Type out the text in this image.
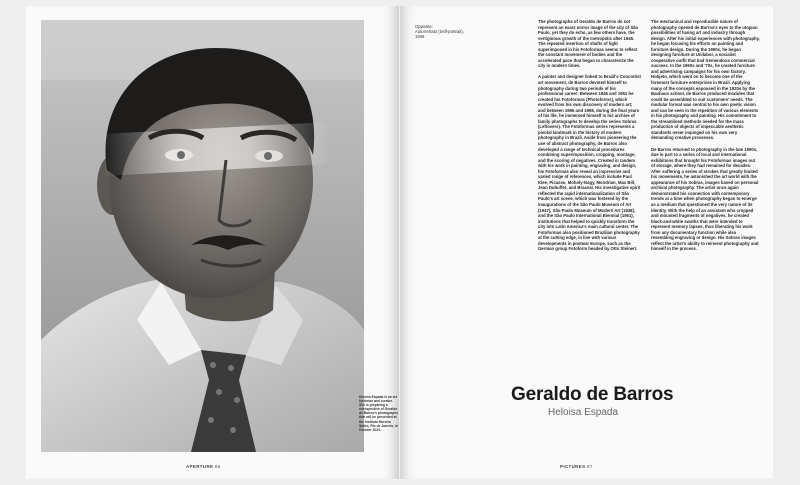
Heloisa Espada is an art historian and curator. She is preparing a retrospective of Geraldo de Barros's photographs that will be presented at the Instituto Moreira Salles, Rio de Janeiro, in October 2024.
APERTURE 66
Opposite:
Autorretrato (Self-portrait),
1949

The photographs of Geraldo de Barros do not represent an exact mirror image of the city of São Paulo, yet they do echo, as few others have, the vertiginous growth of the metropolis after 1945. The repeated insertion of shafts of light superimposed in his Fotoformas seems to reflect the constant movement of bodies and the accelerated pace that began to characterize the city in modern times.

A painter and designer linked to Brazil's Concretist art movement, de Barros devoted himself to photography during two periods of his professional career: Between 1946 and 1951 he created his Fotoformas (Photoforms), which evolved from his own discovery of modern art; and between 1996 and 1998, during the final years of his life, he immersed himself in his archive of family photographs to develop the series Sobras (Leftovers). The Fotoformas series represents a pivotal landmark in the history of modern photography in Brazil. Aside from pioneering the use of abstract photography, de Barros also developed a range of technical procedures combining superimposition, cropping, montage, and the scoring of negatives. Created in tandem with his work in painting, engraving, and design, his Fotoformas also reveal an impressive and varied range of references, which include Paul Klee, Picasso, Moholy-Nagy, Mondrian, Max Bill, Jean Dubuffet, and Brassaï. His investigative spirit reflected the rapid internationalization of São Paulo's art scene, which was fostered by the inaugurations of the São Paulo Museum of Art (1947), São Paulo Museum of Modern Art (1948), and the São Paulo International Biennial (1951), institutions that helped to quickly transform the city into Latin America's main cultural center. The Fotoformas also positioned Brazilian photography at the cutting edge, in line with various developments in postwar Europe, such as the German group Fotoform headed by Otto Steinert.

The mechanical and reproducible nature of photography opened de Barros's eyes to the utopian possibilities of fusing art and industry through design. After his initial experiences with photography, he began focusing his efforts on painting and furniture design. During the 1950s, he began designing furniture at Unilabor, a socialist cooperative outfit that had tremendous commercial success. In the 1960s and '70s, he created furniture and advertising campaigns for his own factory, Hobjeto, which went on to become one of the foremost furniture enterprises in Brazil. Applying many of the concepts espoused in the 1920s by the Bauhaus school, de Barros produced modules that could be assembled to suit customers' needs. The modular format was central to his own poetic vision and can be seen in the repetition of various elements in his photography and painting. His commitment to the streamlined methods needed for the mass production of objects of impeccable aesthetic standards never impinged on his own very demanding creative processes.

De Barros returned to photography in the late 1990s, due in part to a series of local and international exhibitions that brought his Fotoformas images out of storage, where they had remained for decades. After suffering a series of strokes that greatly limited his movements, he astonished the art world with the appearance of his Sobras, images based on personal archival photography. The artist once again demonstrated his connection with contemporary trends at a time when photography began to emerge as a medium that questioned the very nature of its identity. With the help of an assistant who cropped and mounted fragments of negatives, he created black-and-white swaths that were intended to represent memory lapses, thus liberating his work from any documentary function while also resembling engraving or design. His Sobras images reflect the artist's ability to reinvent photography and himself in the process.

Geraldo de Barros
Heloisa Espada
PICTURES 67
